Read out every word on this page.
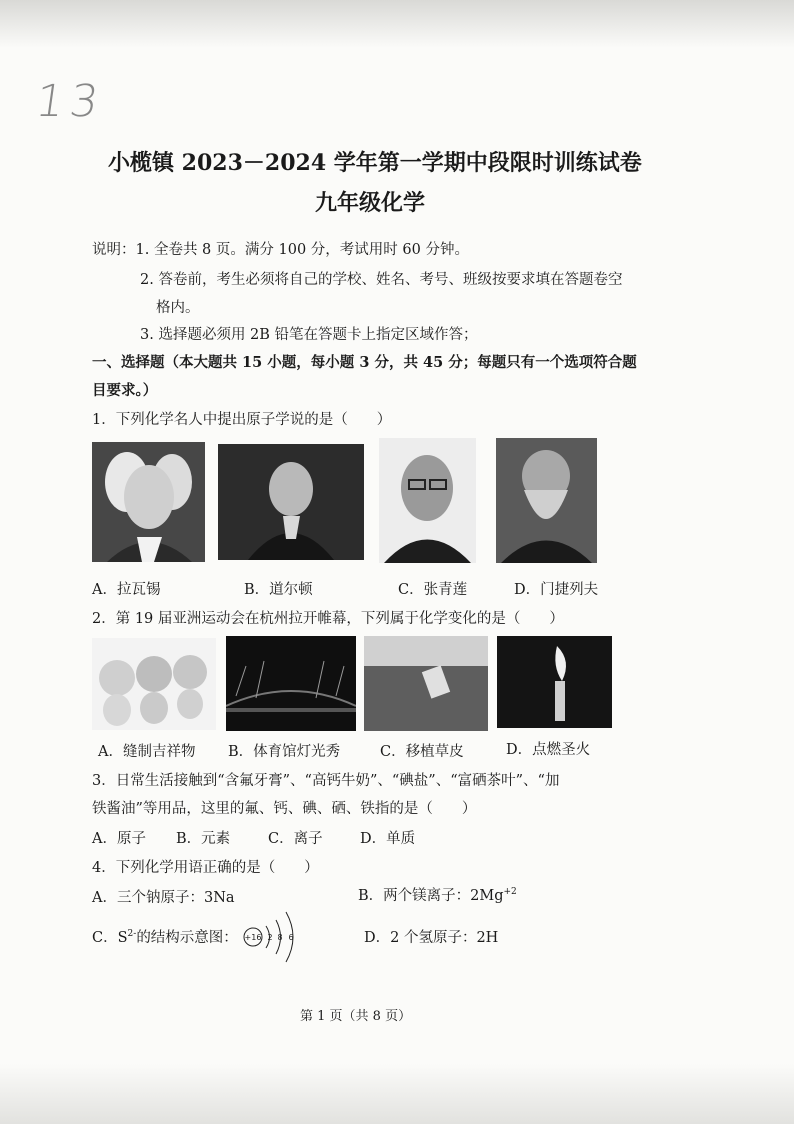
13
小榄镇 2023－2024 学年第一学期中段限时训练试卷
九年级化学
说明：1. 全卷共 8 页。满分 100 分，考试用时 60 分钟。
2. 答卷前，考生必须将自己的学校、姓名、考号、班级按要求填在答题卷空
格内。
3. 选择题必须用 2B 铅笔在答题卡上指定区域作答；
一、选择题（本大题共 15 小题，每小题 3 分，共 45 分；每题只有一个选项符合题
目要求。）
1．下列化学名人中提出原子学说的是（　　）
A．拉瓦锡	B．道尔顿	C．张青莲	D．门捷列夫
2．第 19 届亚洲运动会在杭州拉开帷幕，下列属于化学变化的是（　　）
A．缝制吉祥物 B．体育馆灯光秀	C．移植草皮	D．点燃圣火
3．日常生活接触到“含氟牙膏”、“高钙牛奶”、“碘盐”、“富硒茶叶”、“加
铁酱油”等用品，这里的氟、钙、碘、硒、铁指的是（　　）
A．原子 B．元素	C．离子	D．单质
4．下列化学用语正确的是（　　）
A．三个钠原子：3Na	B．两个镁离子：$2Mg^{+2}$
C．$S^{2-}$的结构示意图： +16 2 8 6	D．2 个氢原子：2H
第 1 页（共 8 页）
